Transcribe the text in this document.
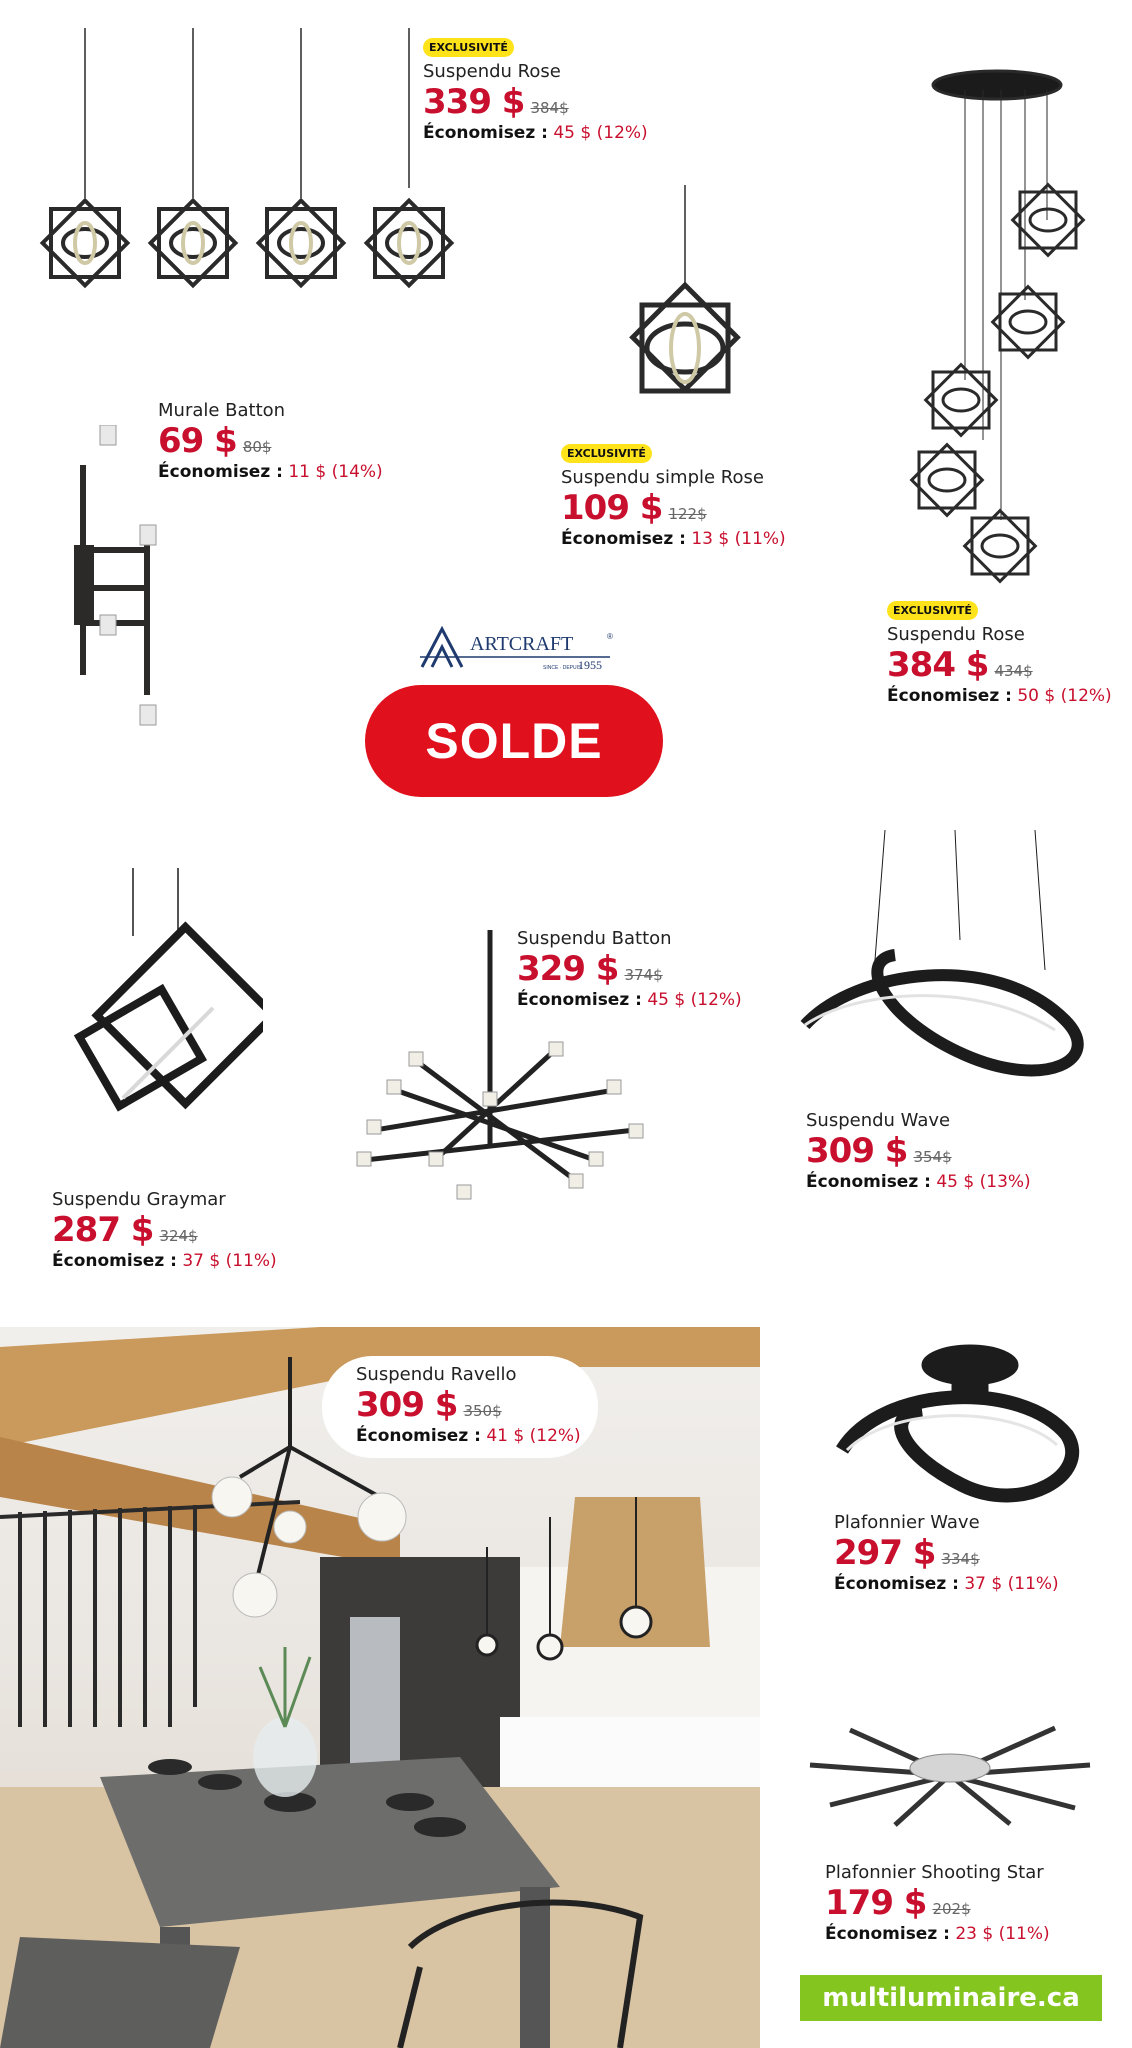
EXCLUSIVITÉ
Suspendu Rose
339 $ 384$
Économisez : 45 $ (12%)
Murale Batton
69 $ 80$
Économisez : 11 $ (14%)
EXCLUSIVITÉ
Suspendu simple Rose
109 $ 122$
Économisez : 13 $ (11%)
EXCLUSIVITÉ
Suspendu Rose
384 $ 434$
Économisez : 50 $ (12%)
Suspendu Batton
329 $ 374$
Économisez : 45 $ (12%)
Suspendu Wave
309 $ 354$
Économisez : 45 $ (13%)
Suspendu Graymar
287 $ 324$
Économisez : 37 $ (11%)
Suspendu Ravello
309 $ 350$
Économisez : 41 $ (12%)
Plafonnier Wave
297 $ 334$
Économisez : 37 $ (11%)
Plafonnier Shooting Star
179 $ 202$
Économisez : 23 $ (11%)
ARTCRAFT	®
SINCE · DEPUIS
1955
SOLDE
multiluminaire.ca
